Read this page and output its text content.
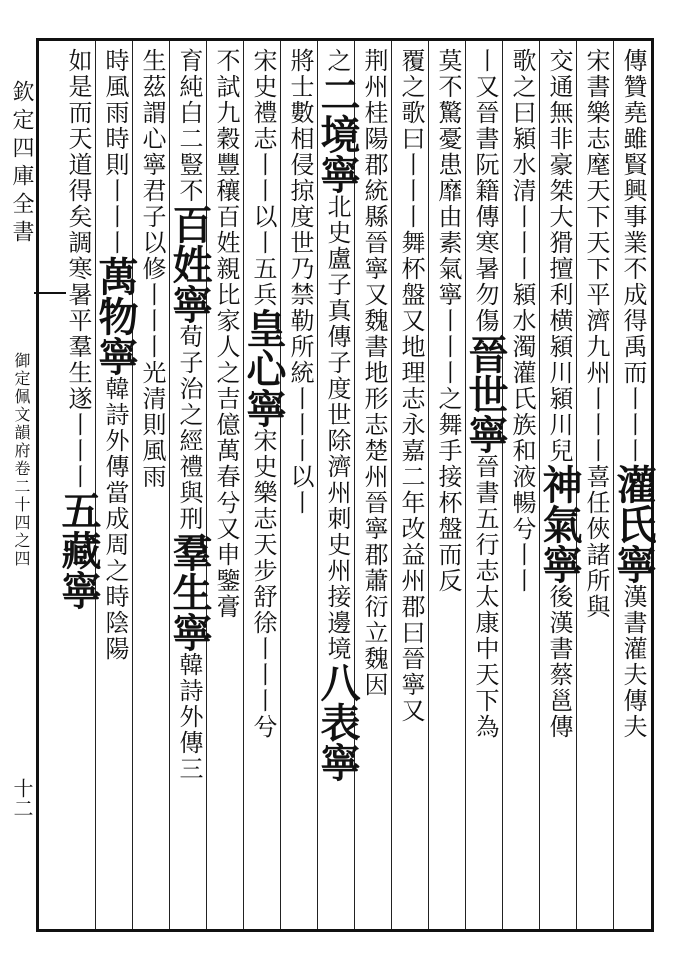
欽定四庫全書
御定佩文韻府卷二十四之四
十二
傳贊堯雖賢興事業不成得禹而丨丨丨灌氏寧漢書灌夫傳夫
宋書樂志麾天下天下平濟九州丨丨丨喜任俠諸所與
交通無非豪桀大猾擅利横潁川潁川兒神氣寧後漢書蔡邕傳
歌之曰潁水清丨丨丨潁水濁灌氏族和液暢兮丨丨
丨又晉書阮籍傳寒暑勿傷晉世寧晉書五行志太康中天下為
莫不驚憂患靡由素氣寧丨丨丨之舞手接杯盤而反
覆之歌曰丨丨丨舞杯盤又地理志永嘉二年改益州郡曰晉寧又
荆州桂陽郡統縣晉寧又魏書地形志楚州晉寧郡蕭衍立魏因
之二境寧北史盧子真傳子度世除濟州刺史州接邊境八表寧
將士數相侵掠度世乃禁勒所統丨丨丨以丨
宋史禮志丨丨以丨五兵皇心寧宋史樂志天步舒徐丨丨丨兮
不試九穀豐穰百姓親比家人之吉億萬春兮又申鑒膏
育純白二豎不百姓寧荀子治之經禮與刑羣生寧韓詩外傳三
生茲謂心寧君子以修丨丨丨光清則風雨
時風雨時則丨丨丨萬物寧韓詩外傳當成周之時陰陽
如是而天道得矣調寒暑平羣生遂丨丨丨五藏寧
